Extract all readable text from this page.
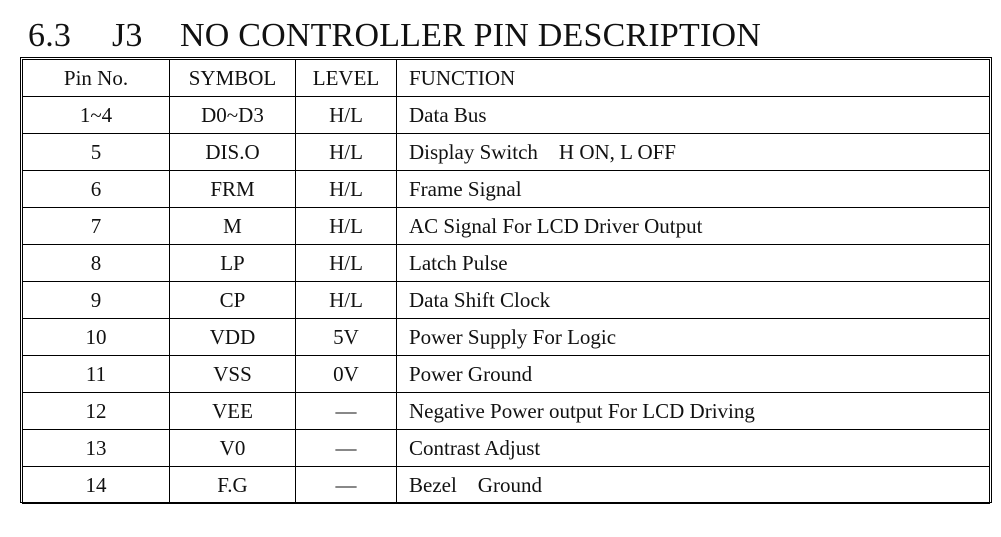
6.3 J3 NO CONTROLLER PIN DESCRIPTION
Pin No.	SYMBOL	LEVEL	FUNCTION
1~4	D0~D3	H/L	Data Bus
5	DIS.O	H/L	Display Switch    H ON, L OFF
6	FRM	H/L	Frame Signal
7	M	H/L	AC Signal For LCD Driver Output
8	LP	H/L	Latch Pulse
9	CP	H/L	Data Shift Clock
10	VDD	5V	Power Supply For Logic
11	VSS	0V	Power Ground
12	VEE	—	Negative Power output For LCD Driving
13	V0	—	Contrast Adjust
14	F.G	—	Bezel    Ground
